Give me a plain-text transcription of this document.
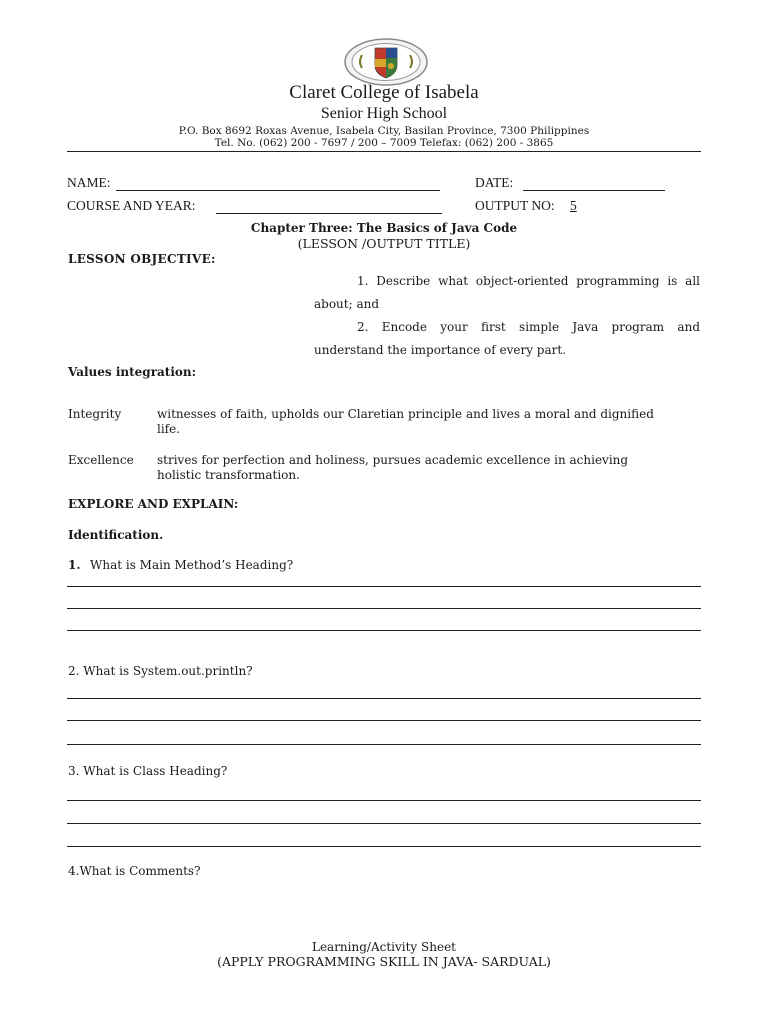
Claret College of Isabela
Senior High School
P.O. Box 8692 Roxas Avenue, Isabela City, Basilan Province, 7300 Philippines
Tel. No. (062) 200 - 7697 / 200 – 7009 Telefax: (062) 200 - 3865
NAME:	DATE:
COURSE AND YEAR:	OUTPUT NO: 5
Chapter Three: The Basics of Java Code
(LESSON /OUTPUT TITLE)
LESSON OBJECTIVE:
1. Describe what object-oriented programming is all
about; and
2. Encode your first simple Java program and
understand the importance of every part.
Values integration:
Integrity	witnesses of faith, upholds our Claretian principle and lives a moral and dignified life.
Excellence strives for perfection and holiness, pursues academic excellence in achieving holistic transformation.
EXPLORE AND EXPLAIN:
Identification.
1. What is Main Method’s Heading?
2. What is System.out.println?
3. What is Class Heading?
4.What is Comments?
Learning/Activity Sheet
(APPLY PROGRAMMING SKILL IN JAVA- SARDUAL)
